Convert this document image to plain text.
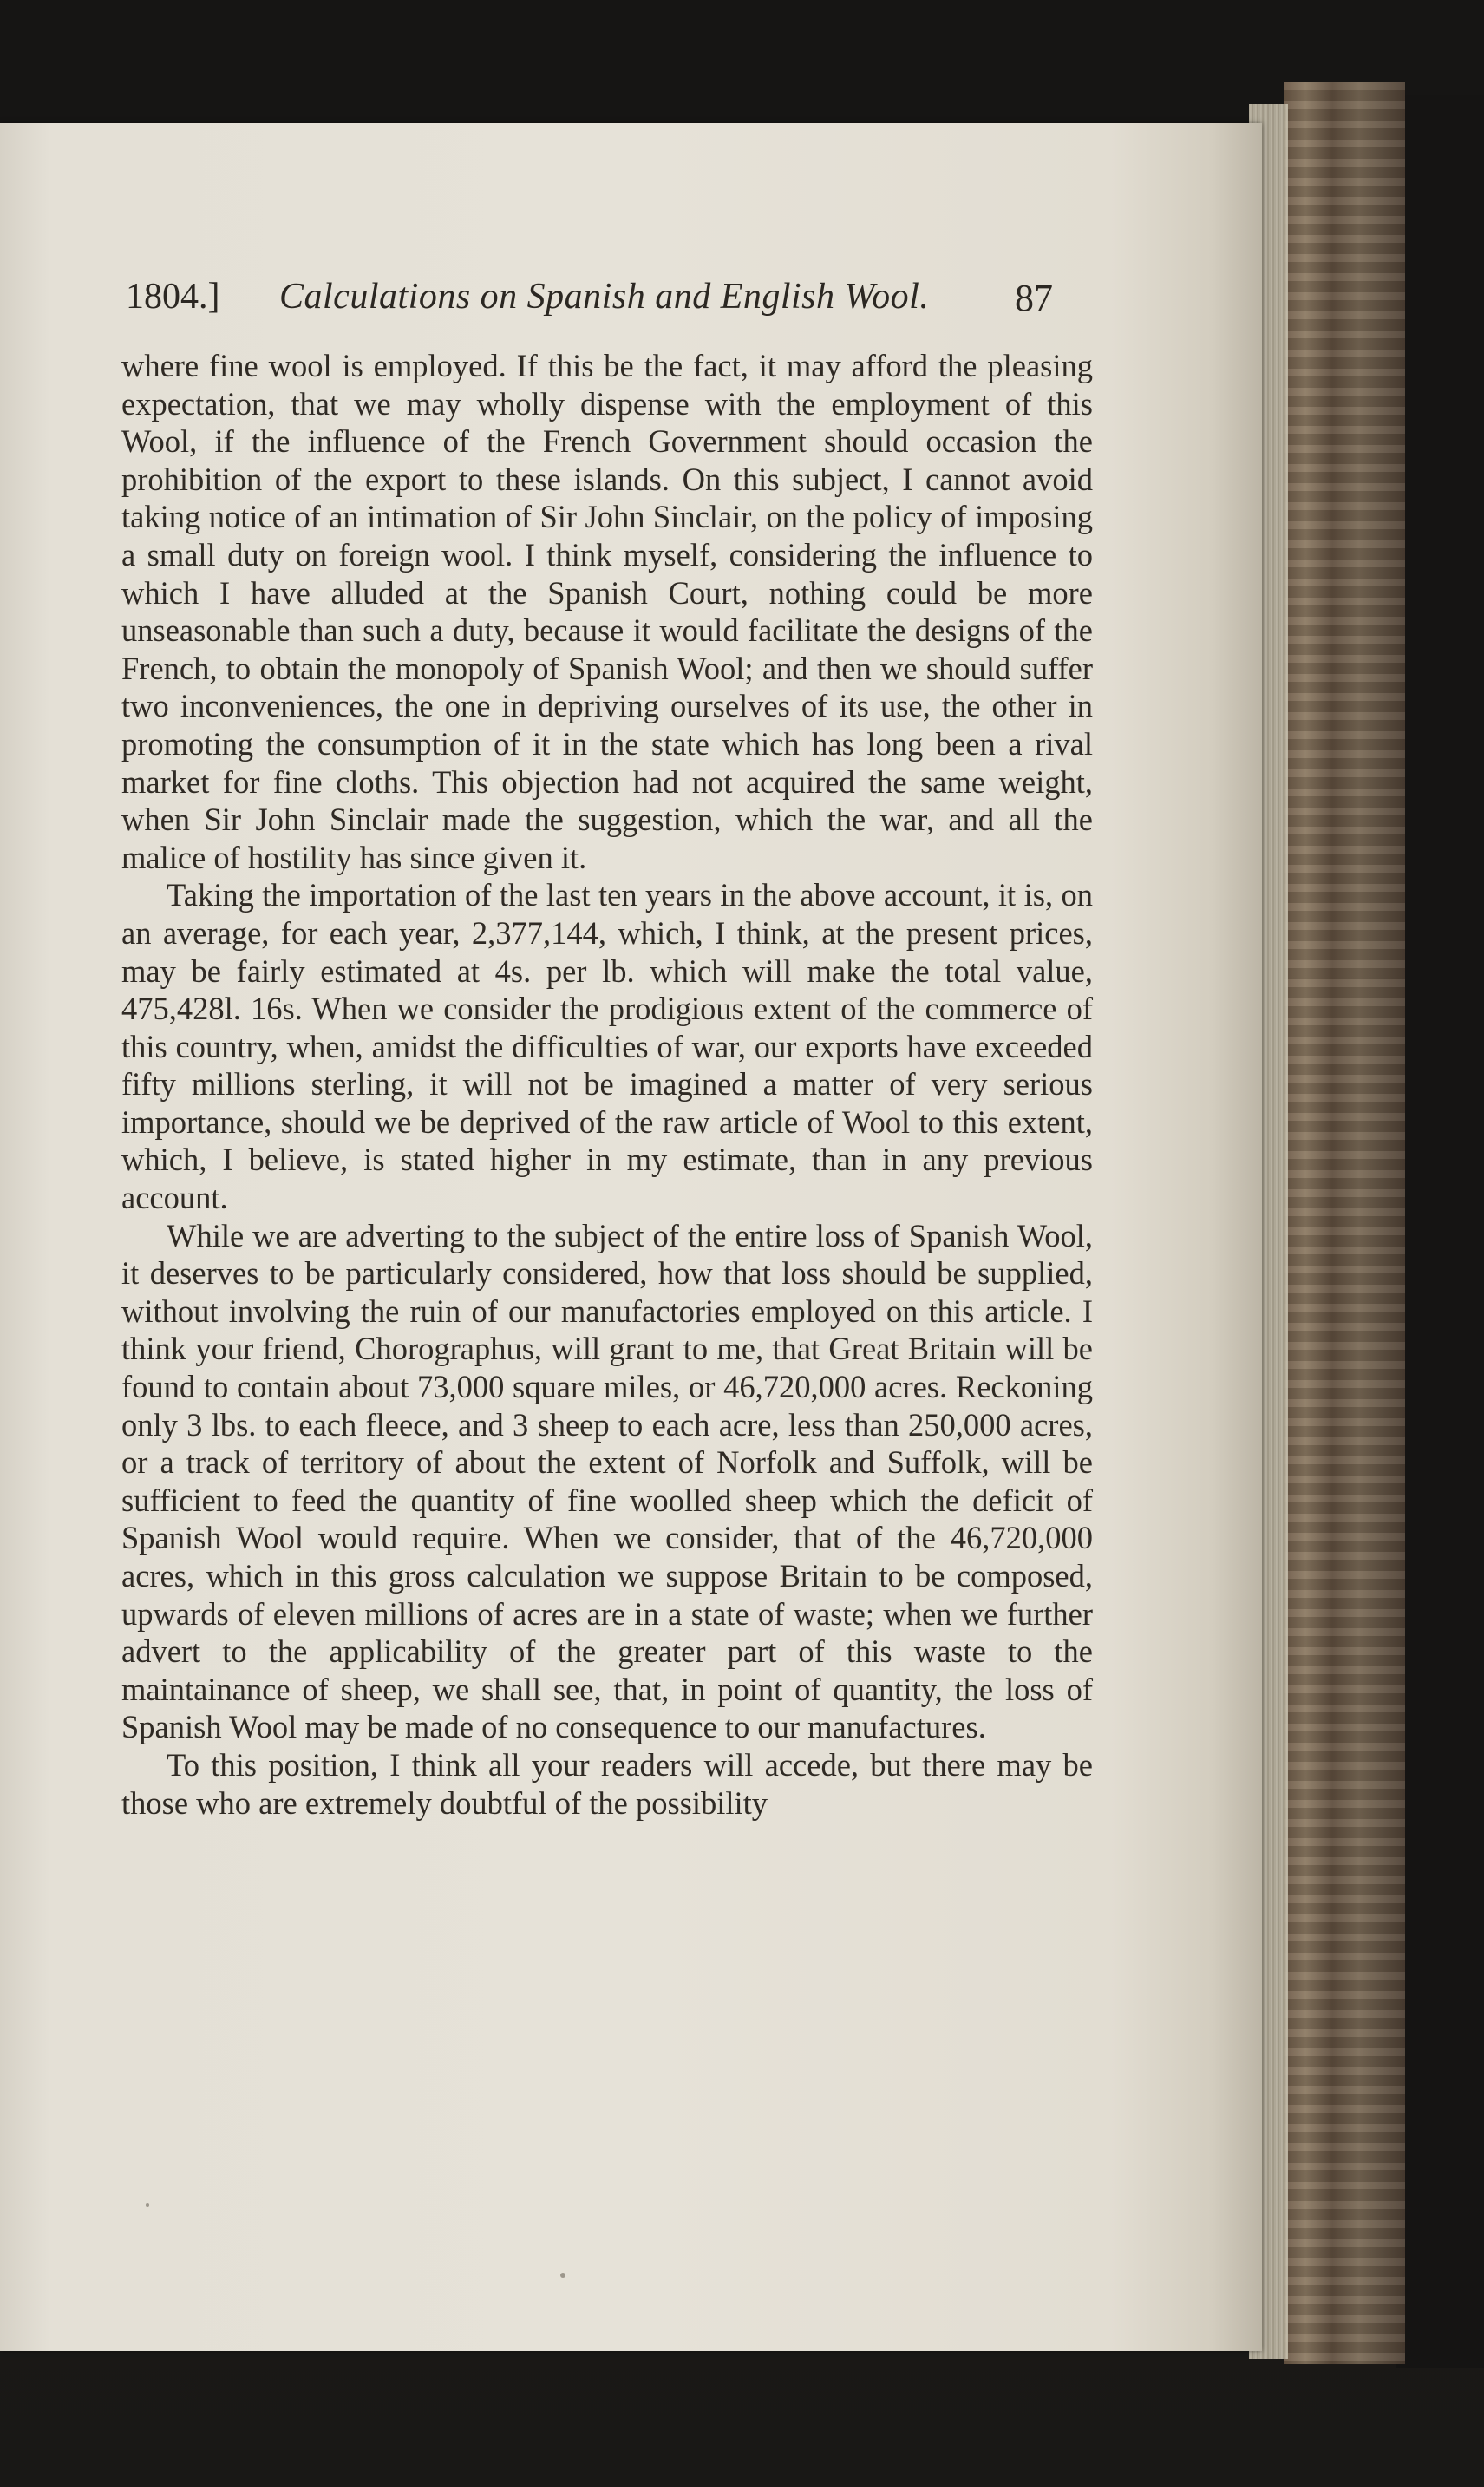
1804.] Calculations on Spanish and English Wool. 87

where fine wool is employed. If this be the fact, it may afford the pleasing expectation, that we may wholly dispense with the employment of this Wool, if the influence of the French Government should occasion the prohibition of the export to these islands. On this subject, I cannot avoid taking notice of an intimation of Sir John Sinclair, on the policy of imposing a small duty on foreign wool. I think myself, considering the influence to which I have alluded at the Spanish Court, nothing could be more unseasonable than such a duty, because it would facilitate the designs of the French, to obtain the monopoly of Spanish Wool; and then we should suffer two inconveniences, the one in depriving ourselves of its use, the other in promoting the consumption of it in the state which has long been a rival market for fine cloths. This objection had not acquired the same weight, when Sir John Sinclair made the suggestion, which the war, and all the malice of hostility has since given it.

Taking the importation of the last ten years in the above account, it is, on an average, for each year, 2,377,144, which, I think, at the present prices, may be fairly estimated at 4s. per lb. which will make the total value, 475,428l. 16s. When we consider the prodigious extent of the commerce of this country, when, amidst the difficulties of war, our exports have exceeded fifty millions sterling, it will not be imagined a matter of very serious importance, should we be deprived of the raw article of Wool to this extent, which, I believe, is stated higher in my estimate, than in any previous account.

While we are adverting to the subject of the entire loss of Spanish Wool, it deserves to be particularly considered, how that loss should be supplied, without involving the ruin of our manufactories employed on this article. I think your friend, Chorographus, will grant to me, that Great Britain will be found to contain about 73,000 square miles, or 46,720,000 acres. Reckoning only 3 lbs. to each fleece, and 3 sheep to each acre, less than 250,000 acres, or a track of territory of about the extent of Norfolk and Suffolk, will be sufficient to feed the quantity of fine woolled sheep which the deficit of Spanish Wool would require. When we consider, that of the 46,720,000 acres, which in this gross calculation we suppose Britain to be composed, upwards of eleven millions of acres are in a state of waste; when we further advert to the applicability of the greater part of this waste to the maintainance of sheep, we shall see, that, in point of quantity, the loss of Spanish Wool may be made of no consequence to our manufactures.

To this position, I think all your readers will accede, but there may be those who are extremely doubtful of the possibility
